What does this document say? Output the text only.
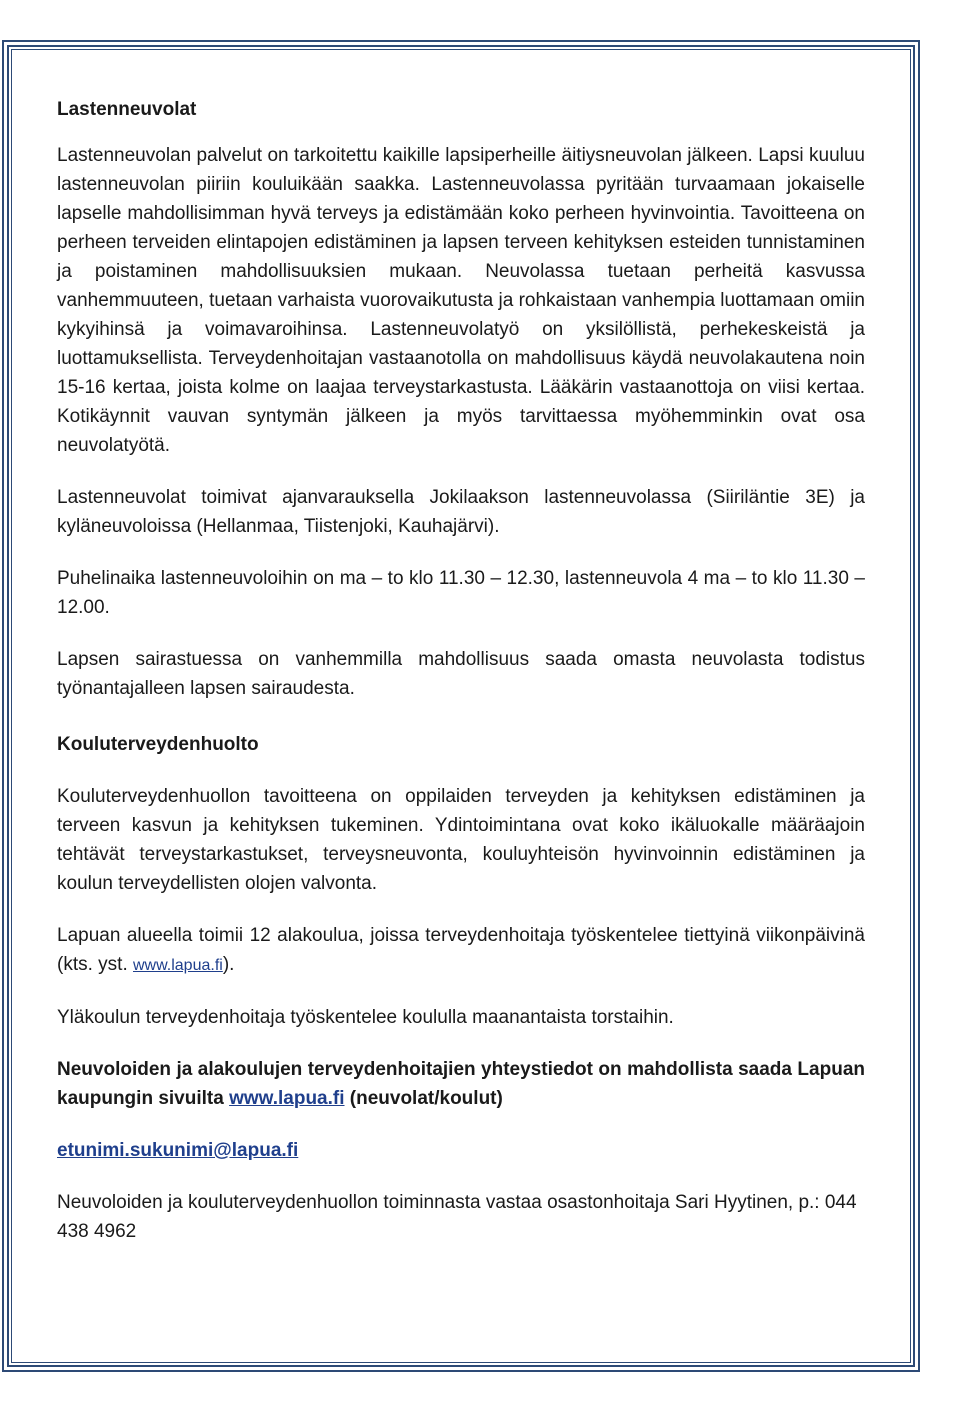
Lastenneuvolat

Lastenneuvolan palvelut on tarkoitettu kaikille lapsiperheille äitiysneuvolan jälkeen. Lapsi kuuluu lastenneuvolan piiriin kouluikään saakka. Lastenneuvolassa pyritään turvaamaan jokaiselle lapselle mahdollisimman hyvä terveys ja edistämään koko perheen hyvinvointia. Tavoitteena on perheen terveiden elintapojen edistäminen ja lapsen terveen kehityksen esteiden tunnistaminen ja poistaminen mahdollisuuksien mukaan. Neuvolassa tuetaan perheitä kasvussa vanhemmuuteen, tuetaan varhaista vuorovaikutusta ja rohkaistaan vanhempia luottamaan omiin kykyihinsä ja voimavaroihinsa. Lastenneuvolatyö on yksilöllistä, perhekeskeistä ja luottamuksellista. Terveydenhoitajan vastaanotolla on mahdollisuus käydä neuvolakautena noin 15-16 kertaa, joista kolme on laajaa terveystarkastusta. Lääkärin vastaanottoja on viisi kertaa. Kotikäynnit vauvan syntymän jälkeen ja myös tarvittaessa myöhemminkin ovat osa neuvolatyötä.

Lastenneuvolat toimivat ajanvarauksella Jokilaakson lastenneuvolassa (Siiriläntie 3E) ja kyläneuvoloissa (Hellanmaa, Tiistenjoki, Kauhajärvi).

Puhelinaika lastenneuvoloihin on ma – to klo 11.30 – 12.30, lastenneuvola 4 ma – to klo 11.30 – 12.00.

Lapsen sairastuessa on vanhemmilla mahdollisuus saada omasta neuvolasta todistus työnantajalleen lapsen sairaudesta.

Kouluterveydenhuolto

Kouluterveydenhuollon tavoitteena on oppilaiden terveyden ja kehityksen edistäminen ja terveen kasvun ja kehityksen tukeminen. Ydintoimintana ovat koko ikäluokalle määräajoin tehtävät terveystarkastukset, terveysneuvonta, kouluyhteisön hyvinvoinnin edistäminen ja koulun terveydellisten olojen valvonta.

Lapuan alueella toimii 12 alakoulua, joissa terveydenhoitaja työskentelee tiettyinä viikonpäivinä (kts. yst. www.lapua.fi).

Yläkoulun terveydenhoitaja työskentelee koululla maanantaista torstaihin.

Neuvoloiden ja alakoulujen terveydenhoitajien yhteystiedot on mahdollista saada Lapuan kaupungin sivuilta www.lapua.fi (neuvolat/koulut)

etunimi.sukunimi@lapua.fi

Neuvoloiden ja kouluterveydenhuollon toiminnasta vastaa osastonhoitaja Sari Hyytinen, p.: 044 438 4962
